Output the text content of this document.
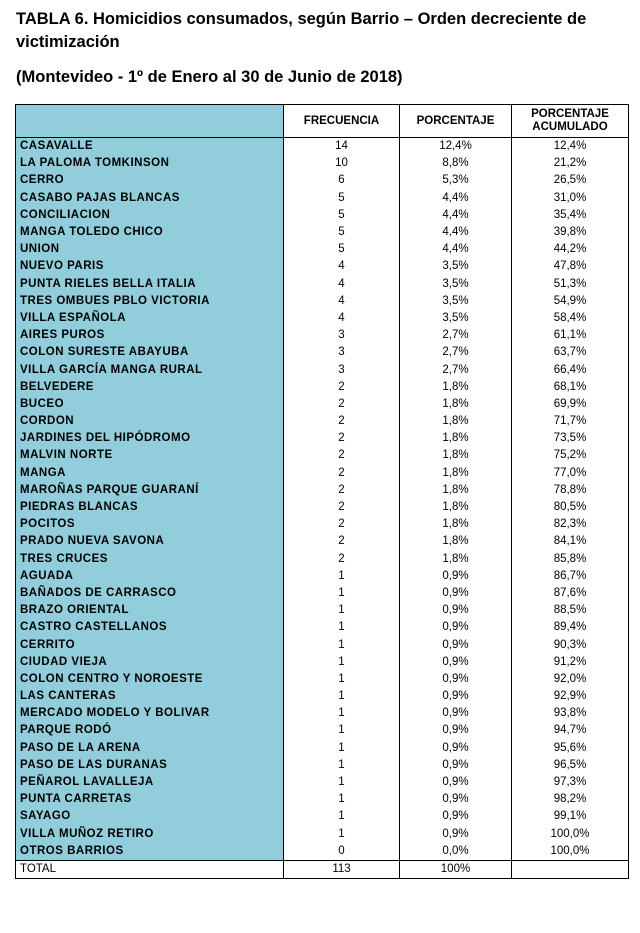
TABLA 6. Homicidios consumados, según Barrio – Orden decreciente de
victimización
(Montevideo - 1º de Enero al 30 de Junio de 2018)
	FRECUENCIA	PORCENTAJE	PORCENTAJE
ACUMULADO

CASAVALLE	14	12,4%	12,4%
LA PALOMA TOMKINSON	10	8,8%	21,2%
CERRO	6	5,3%	26,5%
CASABO PAJAS BLANCAS	5	4,4%	31,0%
CONCILIACION	5	4,4%	35,4%
MANGA TOLEDO CHICO	5	4,4%	39,8%
UNION	5	4,4%	44,2%
NUEVO PARIS	4	3,5%	47,8%
PUNTA RIELES BELLA ITALIA	4	3,5%	51,3%
TRES OMBUES PBLO VICTORIA	4	3,5%	54,9%
VILLA ESPAÑOLA	4	3,5%	58,4%
AIRES PUROS	3	2,7%	61,1%
COLON SURESTE ABAYUBA	3	2,7%	63,7%
VILLA GARCÍA MANGA RURAL	3	2,7%	66,4%
BELVEDERE	2	1,8%	68,1%
BUCEO	2	1,8%	69,9%
CORDON	2	1,8%	71,7%
JARDINES DEL HIPÓDROMO	2	1,8%	73,5%
MALVIN NORTE	2	1,8%	75,2%
MANGA	2	1,8%	77,0%
MAROÑAS PARQUE GUARANÍ	2	1,8%	78,8%
PIEDRAS BLANCAS	2	1,8%	80,5%
POCITOS	2	1,8%	82,3%
PRADO NUEVA SAVONA	2	1,8%	84,1%
TRES CRUCES	2	1,8%	85,8%
AGUADA	1	0,9%	86,7%
BAÑADOS DE CARRASCO	1	0,9%	87,6%
BRAZO ORIENTAL	1	0,9%	88,5%
CASTRO CASTELLANOS	1	0,9%	89,4%
CERRITO	1	0,9%	90,3%
CIUDAD VIEJA	1	0,9%	91,2%
COLON CENTRO Y NOROESTE	1	0,9%	92,0%
LAS CANTERAS	1	0,9%	92,9%
MERCADO MODELO Y BOLIVAR	1	0,9%	93,8%
PARQUE RODÓ	1	0,9%	94,7%
PASO DE LA ARENA	1	0,9%	95,6%
PASO DE LAS DURANAS	1	0,9%	96,5%
PEÑAROL LAVALLEJA	1	0,9%	97,3%
PUNTA CARRETAS	1	0,9%	98,2%
SAYAGO	1	0,9%	99,1%
VILLA MUÑOZ RETIRO	1	0,9%	100,0%
OTROS BARRIOS	0	0,0%	100,0%
TOTAL	113	100%	
